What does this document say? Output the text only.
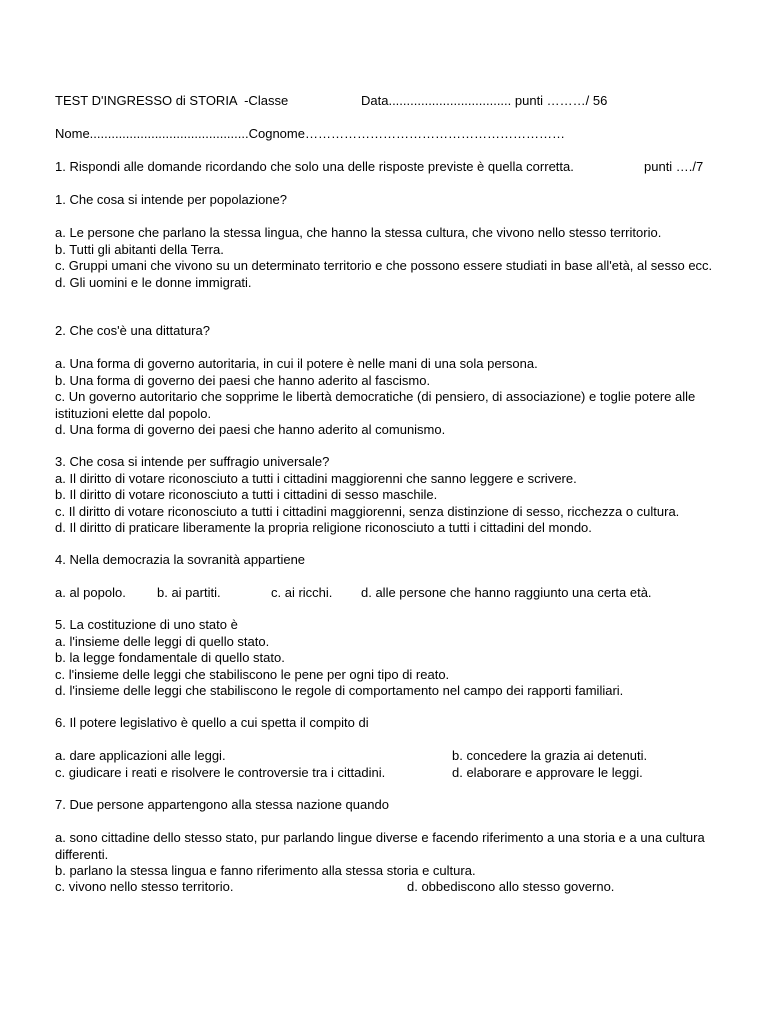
TEST D'INGRESSO di STORIA  -Classe	Data.................................. punti ………/ 56
Nome............................................Cognome……………………………………………………
1. Rispondi alle domande ricordando che solo una delle risposte previste è quella corretta.	punti …./7
1. Che cosa si intende per popolazione?
a. Le persone che parlano la stessa lingua, che hanno la stessa cultura, che vivono nello stesso territorio.
b. Tutti gli abitanti della Terra.
c. Gruppi umani che vivono su un determinato territorio e che possono essere studiati in base all'età, al sesso ecc.
d. Gli uomini e le donne immigrati.
2. Che cos'è una dittatura?
a. Una forma di governo autoritaria, in cui il potere è nelle mani di una sola persona.
b. Una forma di governo dei paesi che hanno aderito al fascismo.
c. Un governo autoritario che sopprime le libertà democratiche (di pensiero, di associazione) e toglie potere alle istituzioni elette dal popolo.
d. Una forma di governo dei paesi che hanno aderito al comunismo.
3. Che cosa si intende per suffragio universale?
a. Il diritto di votare riconosciuto a tutti i cittadini maggiorenni che sanno leggere e scrivere.
b. Il diritto di votare riconosciuto a tutti i cittadini di sesso maschile.
c. Il diritto di votare riconosciuto a tutti i cittadini maggiorenni, senza distinzione di sesso, ricchezza o cultura.
d. Il diritto di praticare liberamente la propria religione riconosciuto a tutti i cittadini del mondo.
4. Nella democrazia la sovranità appartiene
a. al popolo. b. ai partiti.	c. ai ricchi. d. alle persone che hanno raggiunto una certa età.
5. La costituzione di uno stato è
a. l'insieme delle leggi di quello stato.
b. la legge fondamentale di quello stato.
c. l'insieme delle leggi che stabiliscono le pene per ogni tipo di reato.
d. l'insieme delle leggi che stabiliscono le regole di comportamento nel campo dei rapporti familiari.
6. Il potere legislativo è quello a cui spetta il compito di
a. dare applicazioni alle leggi.	b. concedere la grazia ai detenuti.
c. giudicare i reati e risolvere le controversie tra i cittadini.	d. elaborare e approvare le leggi.
7. Due persone appartengono alla stessa nazione quando
a. sono cittadine dello stesso stato, pur parlando lingue diverse e facendo riferimento a una storia e a una cultura differenti.
b. parlano la stessa lingua e fanno riferimento alla stessa storia e cultura.
c. vivono nello stesso territorio.	d. obbediscono allo stesso governo.
